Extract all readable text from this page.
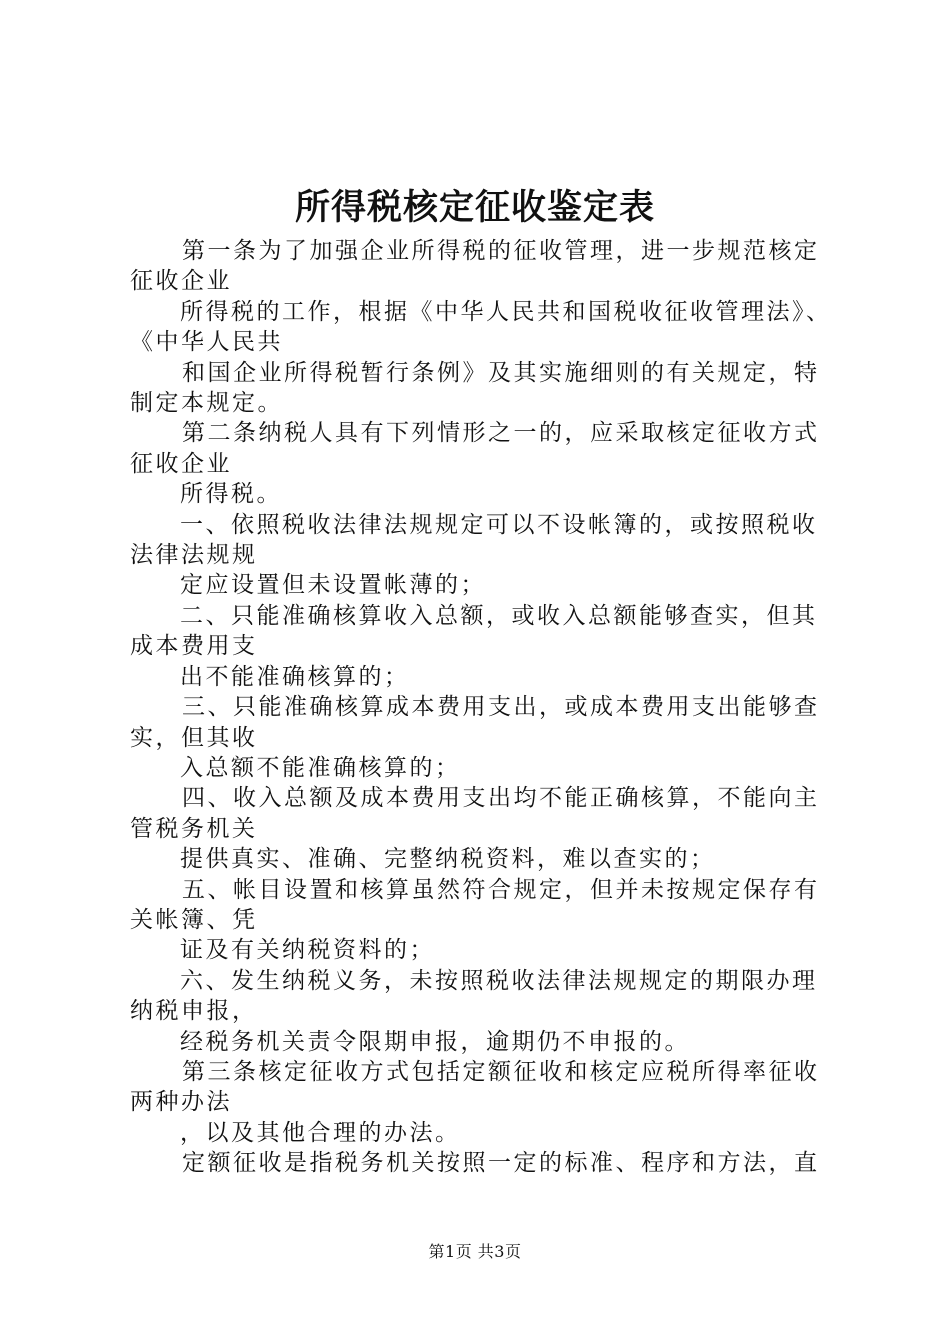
所得税核定征收鉴定表
第一条为了加强企业所得税的征收管理，进一步规范核定
征收企业
所得税的工作，根据《中华人民共和国税收征收管理法》、
《中华人民共
和国企业所得税暂行条例》及其实施细则的有关规定，特
制定本规定。
第二条纳税人具有下列情形之一的，应采取核定征收方式
征收企业
所得税。
一、依照税收法律法规规定可以不设帐簿的，或按照税收
法律法规规
定应设置但未设置帐薄的；
二、只能准确核算收入总额，或收入总额能够查实，但其
成本费用支
出不能准确核算的；
三、只能准确核算成本费用支出，或成本费用支出能够查
实，但其收
入总额不能准确核算的；
四、收入总额及成本费用支出均不能正确核算，不能向主
管税务机关
提供真实、准确、完整纳税资料，难以查实的；
五、帐目设置和核算虽然符合规定，但并未按规定保存有
关帐簿、凭
证及有关纳税资料的；
六、发生纳税义务，未按照税收法律法规规定的期限办理
纳税申报，
经税务机关责令限期申报，逾期仍不申报的。
第三条核定征收方式包括定额征收和核定应税所得率征收
两种办法
，以及其他合理的办法。
定额征收是指税务机关按照一定的标准、程序和方法，直
第1页 共3页
